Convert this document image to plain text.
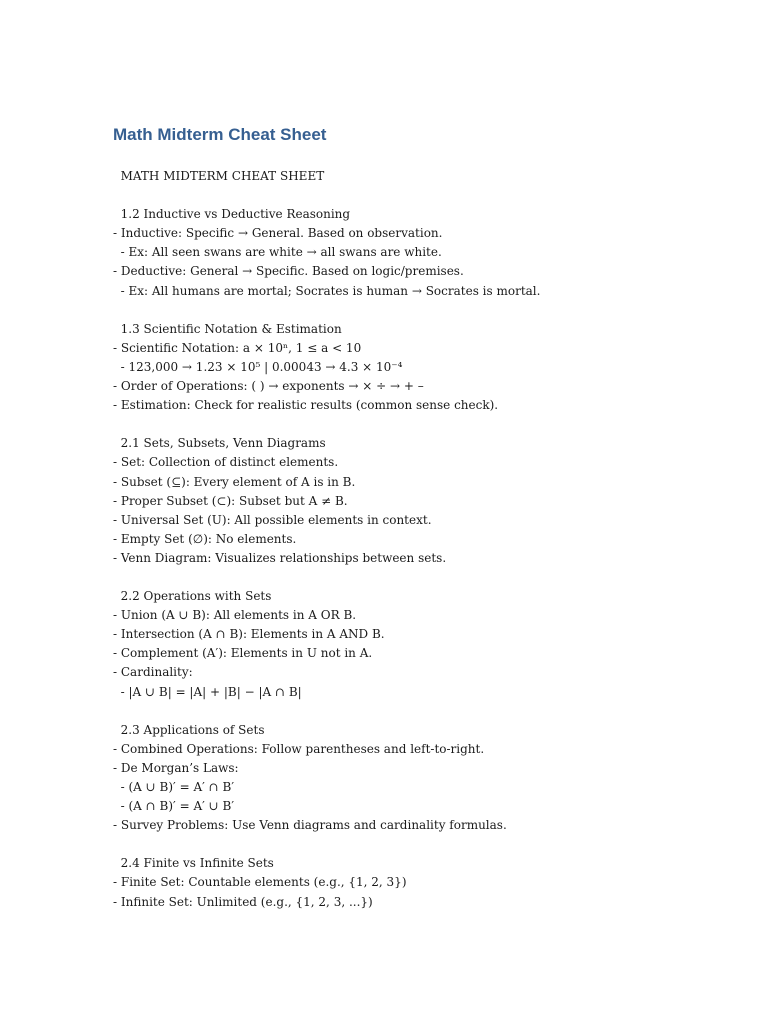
Math Midterm Cheat Sheet
MATH MIDTERM CHEAT SHEET
1.2 Inductive vs Deductive Reasoning
- Inductive: Specific → General. Based on observation.
- Ex: All seen swans are white → all swans are white.
- Deductive: General → Specific. Based on logic/premises.
- Ex: All humans are mortal; Socrates is human → Socrates is mortal.
1.3 Scientific Notation & Estimation
- Scientific Notation: a × 10ⁿ, 1 ≤ a < 10
- 123,000 → 1.23 × 10⁵ | 0.00043 → 4.3 × 10⁻⁴
- Order of Operations: ( ) → exponents → × ÷ → + –
- Estimation: Check for realistic results (common sense check).
2.1 Sets, Subsets, Venn Diagrams
- Set: Collection of distinct elements.
- Subset (⊆): Every element of A is in B.
- Proper Subset (⊂): Subset but A ≠ B.
- Universal Set (U): All possible elements in context.
- Empty Set (∅): No elements.
- Venn Diagram: Visualizes relationships between sets.
2.2 Operations with Sets
- Union (A ∪ B): All elements in A OR B.
- Intersection (A ∩ B): Elements in A AND B.
- Complement (A′): Elements in U not in A.
- Cardinality:
- |A ∪ B| = |A| + |B| − |A ∩ B|
2.3 Applications of Sets
- Combined Operations: Follow parentheses and left-to-right.
- De Morgan’s Laws:
- (A ∪ B)′ = A′ ∩ B′
- (A ∩ B)′ = A′ ∪ B′
- Survey Problems: Use Venn diagrams and cardinality formulas.
2.4 Finite vs Infinite Sets
- Finite Set: Countable elements (e.g., {1, 2, 3})
- Infinite Set: Unlimited (e.g., {1, 2, 3, ...})
